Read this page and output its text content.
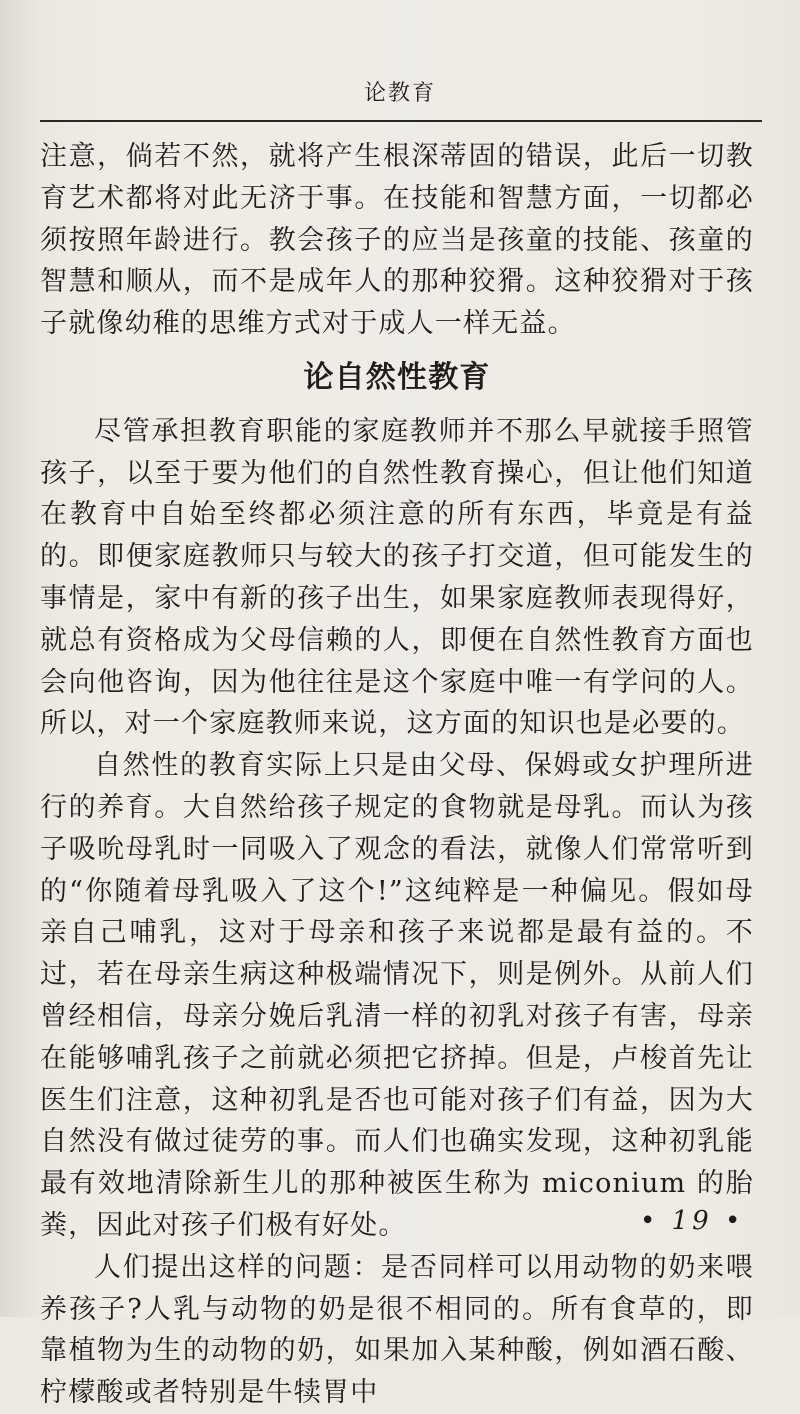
论教育

注意，倘若不然，就将产生根深蒂固的错误，此后一切教育艺术都将对此无济于事。在技能和智慧方面，一切都必须按照年龄进行。教会孩子的应当是孩童的技能、孩童的智慧和顺从，而不是成年人的那种狡猾。这种狡猾对于孩子就像幼稚的思维方式对于成人一样无益。

论自然性教育

尽管承担教育职能的家庭教师并不那么早就接手照管孩子，以至于要为他们的自然性教育操心，但让他们知道在教育中自始至终都必须注意的所有东西，毕竟是有益的。即便家庭教师只与较大的孩子打交道，但可能发生的事情是，家中有新的孩子出生，如果家庭教师表现得好，就总有资格成为父母信赖的人，即便在自然性教育方面也会向他咨询，因为他往往是这个家庭中唯一有学问的人。所以，对一个家庭教师来说，这方面的知识也是必要的。

自然性的教育实际上只是由父母、保姆或女护理所进行的养育。大自然给孩子规定的食物就是母乳。而认为孩子吸吮母乳时一同吸入了观念的看法，就像人们常常听到的“你随着母乳吸入了这个!”这纯粹是一种偏见。假如母亲自己哺乳，这对于母亲和孩子来说都是最有益的。不过，若在母亲生病这种极端情况下，则是例外。从前人们曾经相信，母亲分娩后乳清一样的初乳对孩子有害，母亲在能够哺乳孩子之前就必须把它挤掉。但是，卢梭首先让医生们注意，这种初乳是否也可能对孩子们有益，因为大自然没有做过徒劳的事。而人们也确实发现，这种初乳能最有效地清除新生儿的那种被医生称为 miconium 的胎粪，因此对孩子们极有好处。

人们提出这样的问题：是否同样可以用动物的奶来喂养孩子?人乳与动物的奶是很不相同的。所有食草的，即靠植物为生的动物的奶，如果加入某种酸，例如酒石酸、柠檬酸或者特别是牛犊胃中

• 19 •
